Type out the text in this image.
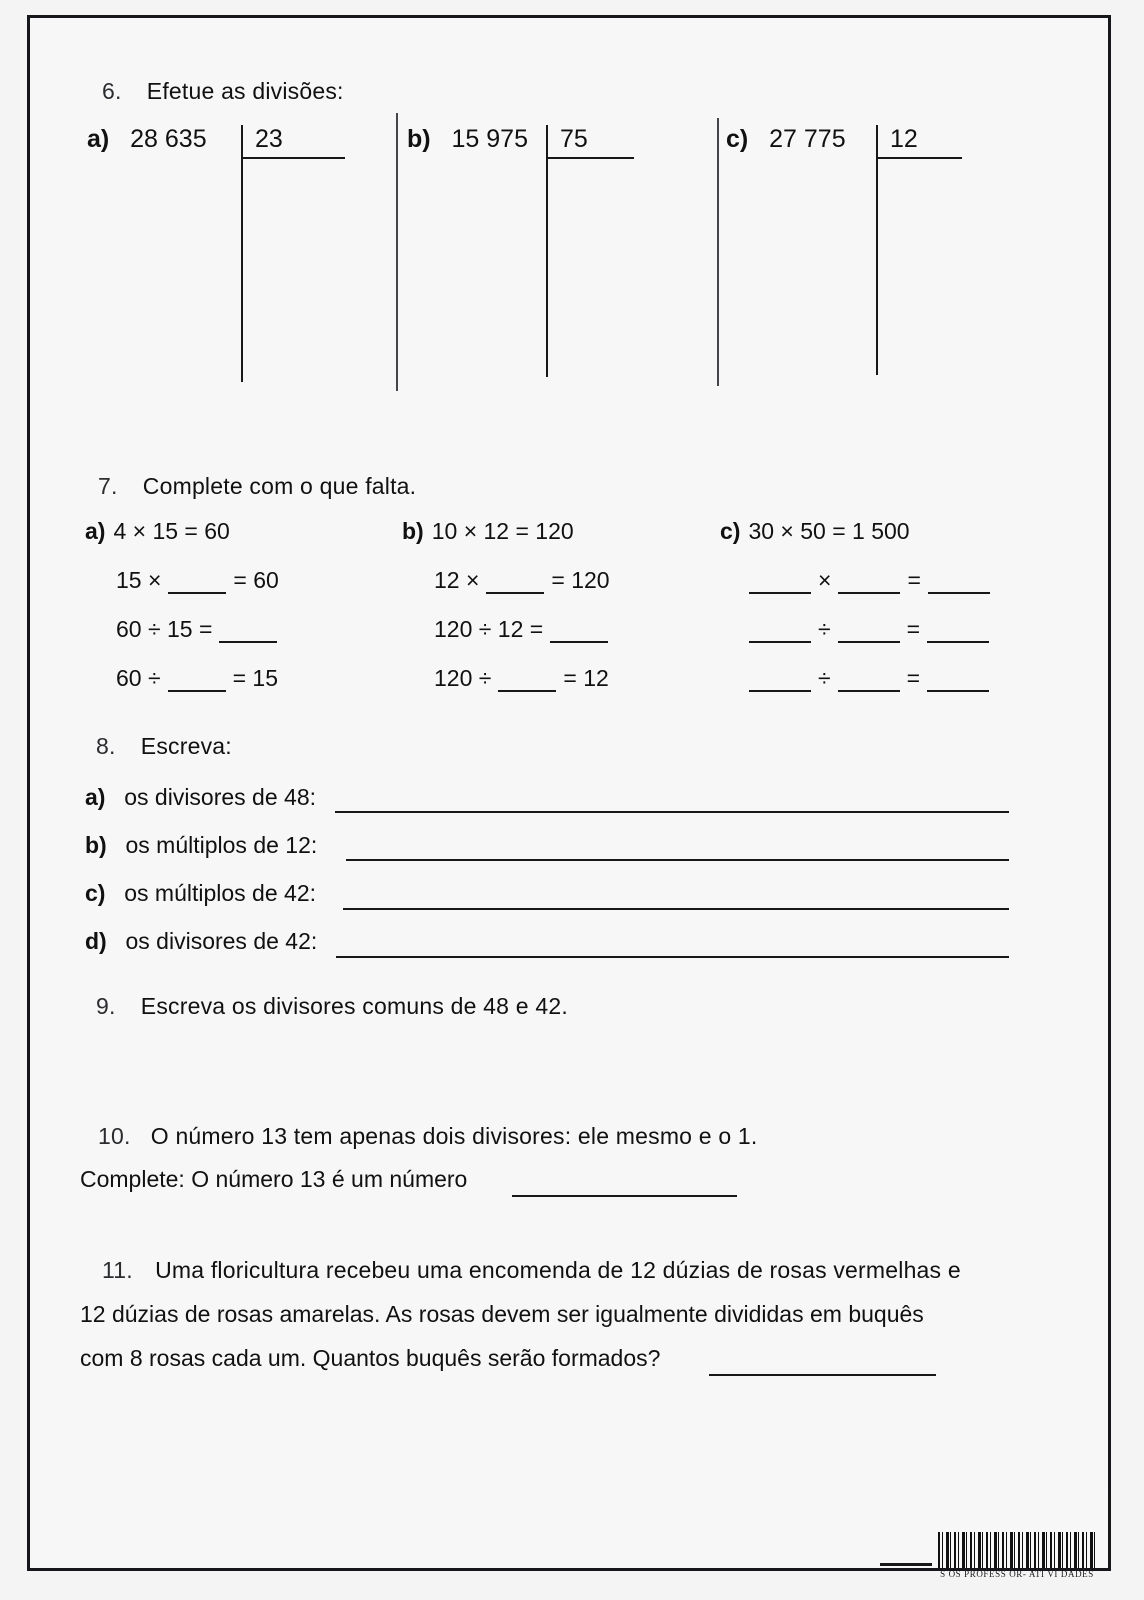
6. Efetue as divisões:
a) 28 635 23	b) 15 975 75	c) 27 775 12
7. Complete com o que falta.
a) 4 × 15 = 60
15 ×	= 60
60 ÷ 15 =
60 ÷	= 15
b) 10 × 12 = 120
12 ×	= 120
120 ÷ 12 =
120 ÷	= 12
c) 30 × 50 = 1 500
×	=
÷	=
÷	=
8. Escreva:
a) os divisores de 48:
b) os múltiplos de 12:
c) os múltiplos de 42:
d) os divisores de 42:
9. Escreva os divisores comuns de 48 e 42.
10. O número 13 tem apenas dois divisores: ele mesmo e o 1.
Complete: O número 13 é um número
11. Uma floricultura recebeu uma encomenda de 12 dúzias de rosas vermelhas e
12 dúzias de rosas amarelas. As rosas devem ser igualmente divididas em buquês
com 8 rosas cada um. Quantos buquês serão formados?
S OS PROFESS OR- ATI VI DADES
